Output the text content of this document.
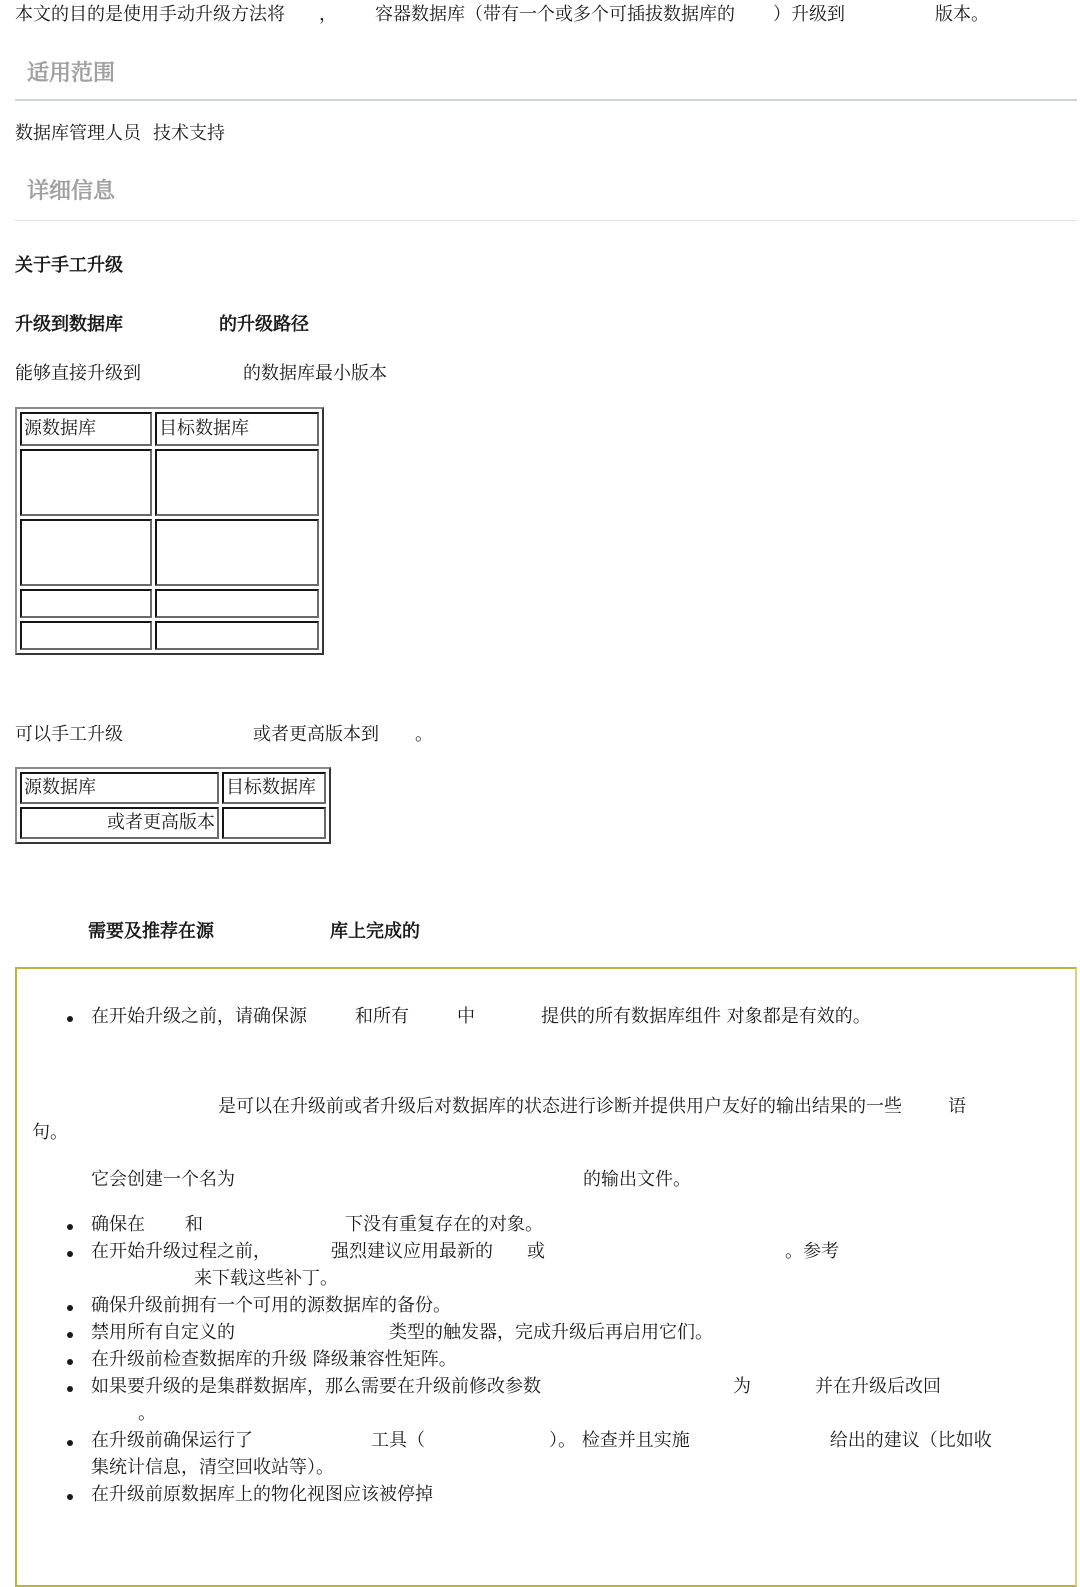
本文的目的是使用手动升级方法将 ， 容器数据库（带有一个或多个可插拔数据库的 ）升级到	版本。
适用范围
数据库管理人员 技术支持
详细信息
关于手工升级
升级到数据库	的升级路径
能够直接升级到	的数据库最小版本
源数据库	目标数据库

可以手工升级	或者更高版本到 。
源数据库	目标数据库
或者更高版本	
需要及推荐在源	库上完成的
在开始升级之前，请确保源	和所有	中	提供的所有数据库组件 对象都是有效的。
是可以在升级前或者升级后对数据库的状态进行诊断并提供用户友好的输出结果的一些	语
句。
它会创建一个名为	的输出文件。
确保在 和	下没有重复存在的对象。
在开始升级过程之前，	强烈建议应用最新的 或	。参考
来下载这些补丁。
确保升级前拥有一个可用的源数据库的备份。
禁用所有自定义的	类型的触发器，完成升级后再启用它们。
在升级前检查数据库的升级 降级兼容性矩阵。
如果要升级的是集群数据库，那么需要在升级前修改参数	为	并在升级后改回
。
在升级前确保运行了	工具（	）。 检查并且实施	给出的建议（比如收
集统计信息，清空回收站等）。
在升级前原数据库上的物化视图应该被停掉
